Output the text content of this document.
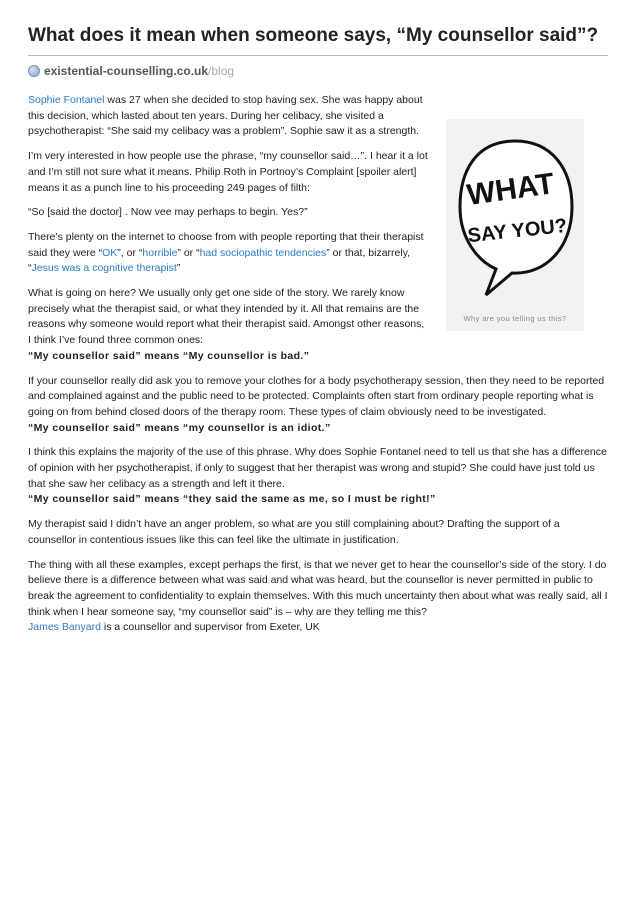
What does it mean when someone says, “My counsellor said”?
existential-counselling.co.uk /blog

Sophie Fontanel was 27 when she decided to stop having sex. She was happy about this decision, which lasted about ten years. During her celibacy, she visited a psychotherapist: “She said my celibacy was a problem”. Sophie saw it as a strength.

I’m very interested in how people use the phrase, “my counsellor said…”. I hear it a lot and I’m still not sure what it means. Philip Roth in Portnoy’s Complaint [spoiler alert] means it as a punch line to his proceeding 249 pages of filth:

“So [said the doctor] . Now vee may perhaps to begin. Yes?”

There’s plenty on the internet to choose from with people reporting that their therapist said they were “OK”, or “horrible” or “had sociopathic tendencies” or that, bizarrely, “Jesus was a cognitive therapist”

What is going on here? We usually only get one side of the story. We rarely know precisely what the therapist said, or what they intended by it. All that remains are the reasons why someone would report what their therapist said. Amongst other reasons, I think I’ve found three common ones:
“My counsellor said” means “My counsellor is bad.”

If your counsellor really did ask you to remove your clothes for a body psychotherapy session, then they need to be reported and complained against and the public need to be protected. Complaints often start from ordinary people reporting what is going on from behind closed doors of the therapy room. These types of claim obviously need to be investigated.
“My counsellor said” means “my counsellor is an idiot.”

I think this explains the majority of the use of this phrase. Why does Sophie Fontanel need to tell us that she has a difference of opinion with her psychotherapist, if only to suggest that her therapist was wrong and stupid? She could have just told us that she saw her celibacy as a strength and left it there.
“My counsellor said” means “they said the same as me, so I must be right!”

My therapist said I didn’t have an anger problem, so what are you still complaining about? Drafting the support of a counsellor in contentious issues like this can feel like the ultimate in justification.

The thing with all these examples, except perhaps the first, is that we never get to hear the counsellor’s side of the story. I do believe there is a difference between what was said and what was heard, but the counsellor is never permitted in public to break the agreement to confidentiality to explain themselves. With this much uncertainty then about what was really said, all I think when I hear someone say, “my counsellor said” is – why are they telling me this?
James Banyard is a counsellor and supervisor from Exeter, UK

WHAT
SAY YOU?
Why are you telling us this?
